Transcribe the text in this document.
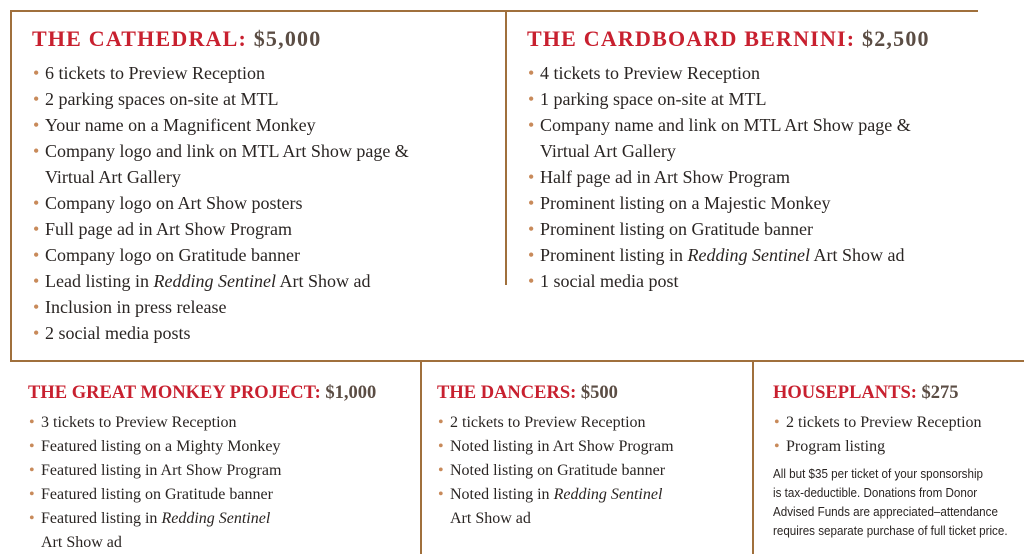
THE CATHEDRAL: $5,000
• 6 tickets to Preview Reception
• 2 parking spaces on-site at MTL
• Your name on a Magnificent Monkey
• Company logo and link on MTL Art Show page &
Virtual Art Gallery
• Company logo on Art Show posters
• Full page ad in Art Show Program
• Company logo on Gratitude banner
• Lead listing in Redding Sentinel Art Show ad
• Inclusion in press release
• 2 social media posts
THE CARDBOARD BERNINI: $2,500
• 4 tickets to Preview Reception
• 1 parking space on-site at MTL
• Company name and link on MTL Art Show page &
Virtual Art Gallery
• Half page ad in Art Show Program
• Prominent listing on a Majestic Monkey
• Prominent listing on Gratitude banner
• Prominent listing in Redding Sentinel Art Show ad
• 1 social media post
THE GREAT MONKEY PROJECT: $1,000
• 3 tickets to Preview Reception
• Featured listing on a Mighty Monkey
• Featured listing in Art Show Program
• Featured listing on Gratitude banner
• Featured listing in Redding Sentinel
Art Show ad
THE DANCERS: $500
• 2 tickets to Preview Reception
• Noted listing in Art Show Program
• Noted listing on Gratitude banner
• Noted listing in Redding Sentinel
Art Show ad
HOUSEPLANTS: $275
• 2 tickets to Preview Reception
• Program listing
All but $35 per ticket of your sponsorship
is tax-deductible. Donations from Donor
Advised Funds are appreciated–attendance
requires separate purchase of full ticket price.
